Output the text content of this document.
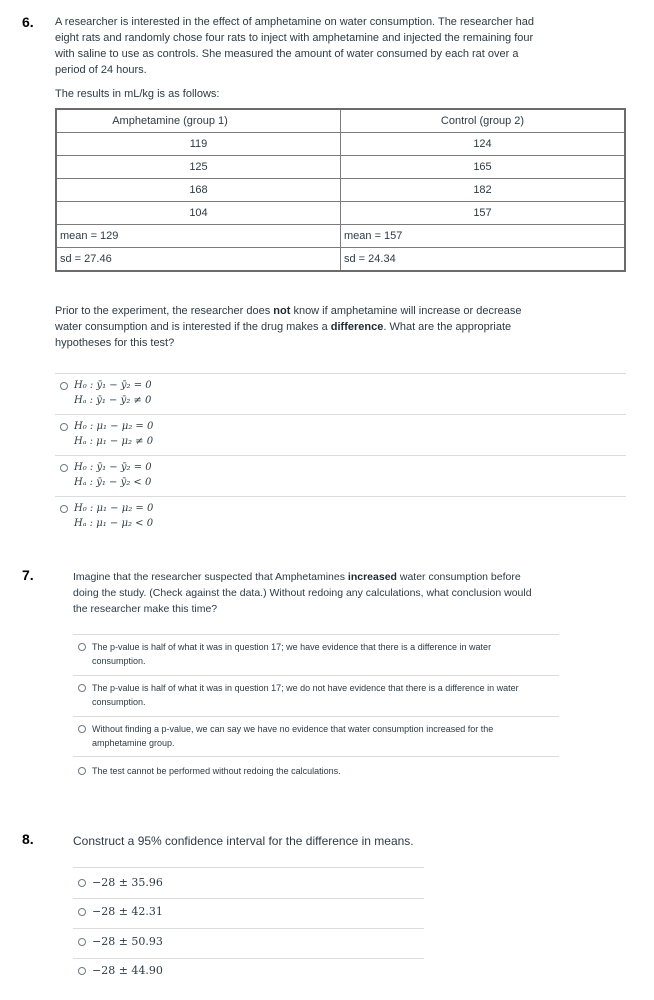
6. A researcher is interested in the effect of amphetamine on water consumption. The researcher had
eight rats and randomly chose four rats to inject with amphetamine and injected the remaining four
with saline to use as controls. She measured the amount of water consumed by each rat over a
period of 24 hours.
The results in mL/kg is as follows:
Amphetamine (group 1)	Control (group 2)
119	124
125	165
168	182
104	157
mean = 129	mean = 157
sd = 27.46	sd = 24.34
Prior to the experiment, the researcher does not know if amphetamine will increase or decrease
water consumption and is interested if the drug makes a difference. What are the appropriate
hypotheses for this test?
H₀ : ȳ₁ − ȳ₂ = 0
Hₐ : ȳ₁ − ȳ₂ ≠ 0
H₀ : μ₁ − μ₂ = 0
Hₐ : μ₁ − μ₂ ≠ 0
H₀ : ȳ₁ − ȳ₂ = 0
Hₐ : ȳ₁ − ȳ₂ < 0
H₀ : μ₁ − μ₂ = 0
Hₐ : μ₁ − μ₂ < 0
7.	Imagine that the researcher suspected that Amphetamines increased water consumption before
doing the study. (Check against the data.) Without redoing any calculations, what conclusion would
the researcher make this time?
The p-value is half of what it was in question 17; we have evidence that there is a difference in water
consumption.
The p-value is half of what it was in question 17; we do not have evidence that there is a difference in water
consumption.
Without finding a p-value, we can say we have no evidence that water consumption increased for the
amphetamine group.
The test cannot be performed without redoing the calculations.
8.	Construct a 95% confidence interval for the difference in means.
−28 ± 35.96
−28 ± 42.31
−28 ± 50.93
−28 ± 44.90
